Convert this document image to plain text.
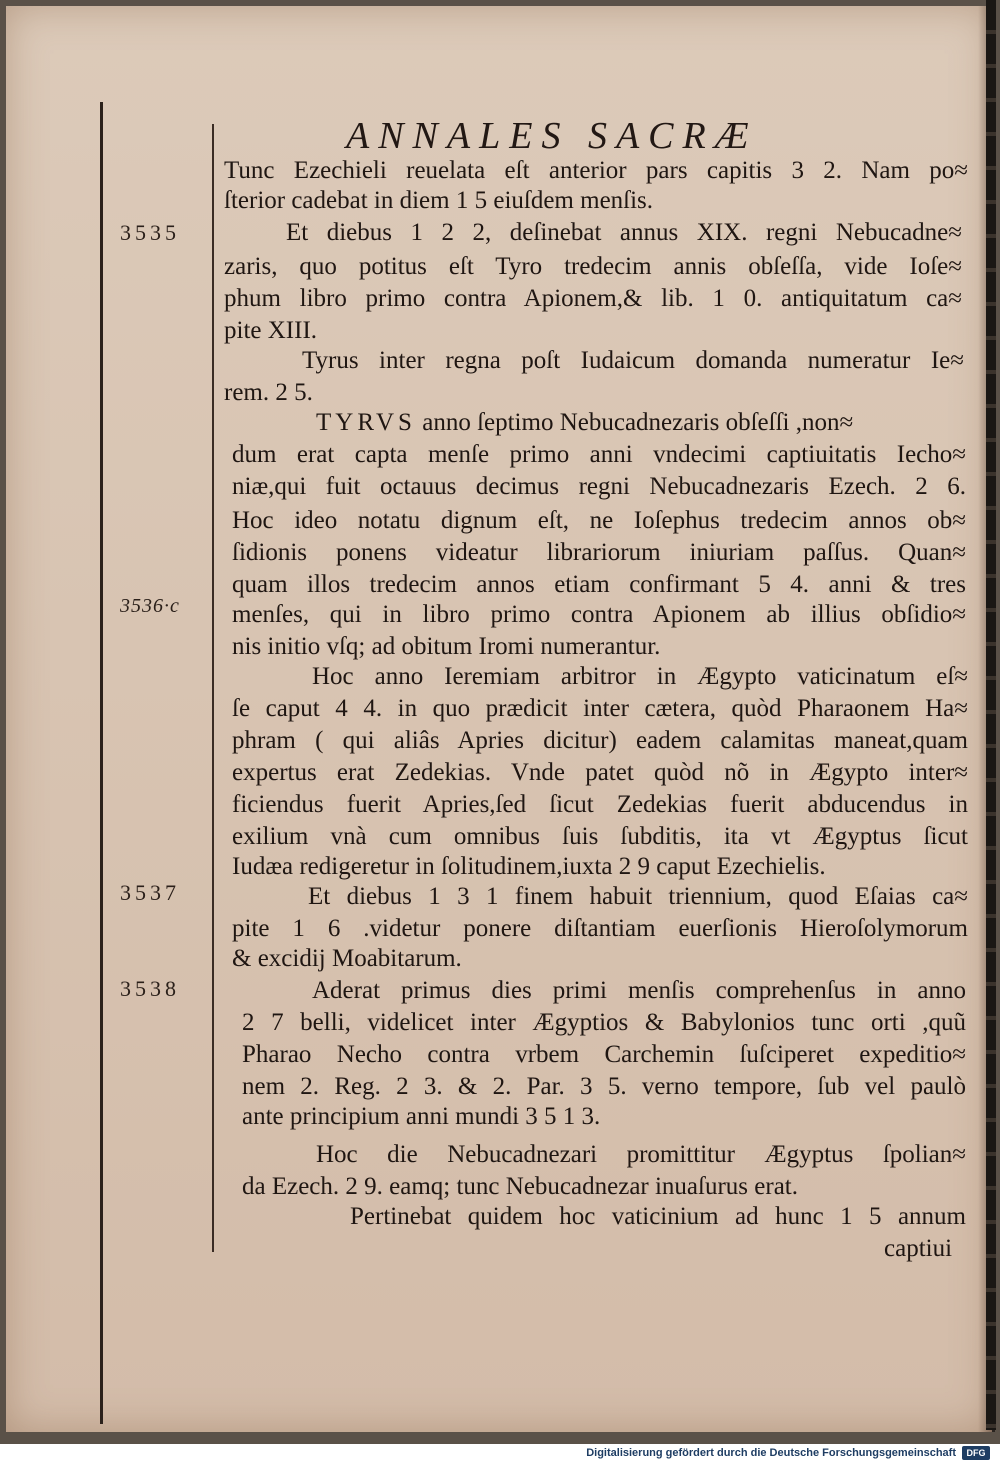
ANNALES SACRÆ

3535

3536·c

3537

3538

Tunc Ezechieli reuelata eſt anterior pars capitis 3 2. Nam po≈

ſterior cadebat in diem 1 5 eiuſdem menſis.

Et diebus 1 2 2, deſinebat annus XIX. regni Nebucadne≈

zaris, quo potitus eſt Tyro tredecim annis obſeſſa, vide Ioſe≈

phum libro primo contra Apionem,& lib. 1 0. antiquitatum ca≈

pite XIII.

Tyrus inter regna poſt Iudaicum domanda numeratur Ie≈

rem. 2 5.

TYRVS anno ſeptimo Nebucadnezaris obſeſſi ,non≈

dum erat capta menſe primo anni vndecimi captiuitatis Iecho≈

niæ,qui fuit octauus decimus regni Nebucadnezaris Ezech. 2 6.

Hoc ideo notatu dignum eſt, ne Ioſephus tredecim annos ob≈

ſidionis ponens videatur librariorum iniuriam paſſus. Quan≈

quam illos tredecim annos etiam confirmant 5 4. anni & tres

menſes, qui in libro primo contra Apionem ab illius obſidio≈

nis initio vſq; ad obitum Iromi numerantur.

Hoc anno Ieremiam arbitror in Ægypto vaticinatum eſ≈

ſe caput 4 4. in quo prædicit inter cætera, quòd Pharaonem Ha≈

phram ( qui aliâs Apries dicitur) eadem calamitas maneat,quam

expertus erat Zedekias. Vnde patet quòd nõ in Ægypto inter≈

ficiendus fuerit Apries,ſed ſicut Zedekias fuerit abducendus in

exilium vnà cum omnibus ſuis ſubditis, ita vt Ægyptus ſicut

Iudæa redigeretur in ſolitudinem,iuxta 2 9 caput Ezechielis.

Et diebus 1 3 1 finem habuit triennium, quod Eſaias ca≈

pite 1 6 .videtur ponere diſtantiam euerſionis Hieroſolymorum

& excidij Moabitarum.

Aderat primus dies primi menſis comprehenſus in anno

2 7 belli, videlicet inter Ægyptios & Babylonios tunc orti ,quũ

Pharao Necho contra vrbem Carchemin ſuſciperet expeditio≈

nem 2. Reg. 2 3. & 2. Par. 3 5. verno tempore, ſub vel paulò

ante principium anni mundi 3 5 1 3.

Hoc die Nebucadnezari promittitur Ægyptus ſpolian≈

da Ezech. 2 9. eamq; tunc Nebucadnezar inuaſurus erat.

Pertinebat quidem hoc vaticinium ad hunc 1 5 annum

captiui

Digitalisierung gefördert durch die Deutsche Forschungsgemeinschaft	DFG
